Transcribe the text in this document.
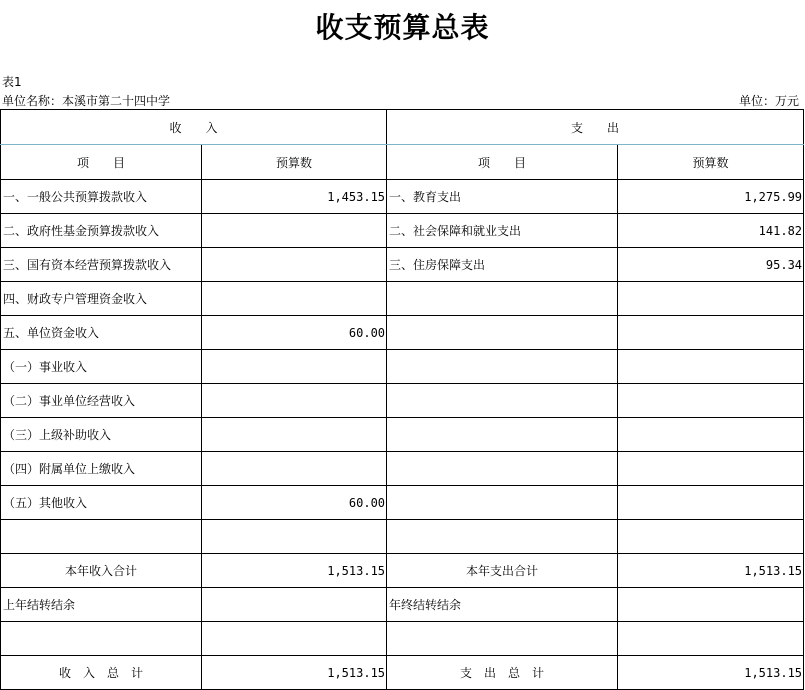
收支预算总表
表1
单位名称：本溪市第二十四中学	单位：万元
收　　入		支　　出	
项　　目	预算数	项　　目	预算数
一、一般公共预算拨款收入	1,453.15	一、教育支出	1,275.99
二、政府性基金预算拨款收入		二、社会保障和就业支出	141.82
三、国有资本经营预算拨款收入		三、住房保障支出	95.34
四、财政专户管理资金收入			
五、单位资金收入	60.00		
（一）事业收入			
（二）事业单位经营收入			
（三）上级补助收入			
（四）附属单位上缴收入			
（五）其他收入	60.00		

本年收入合计	1,513.15	本年支出合计	1,513.15
上年结转结余		年终结转结余	

收　入　总　计	1,513.15	支　出　总　计	1,513.15
